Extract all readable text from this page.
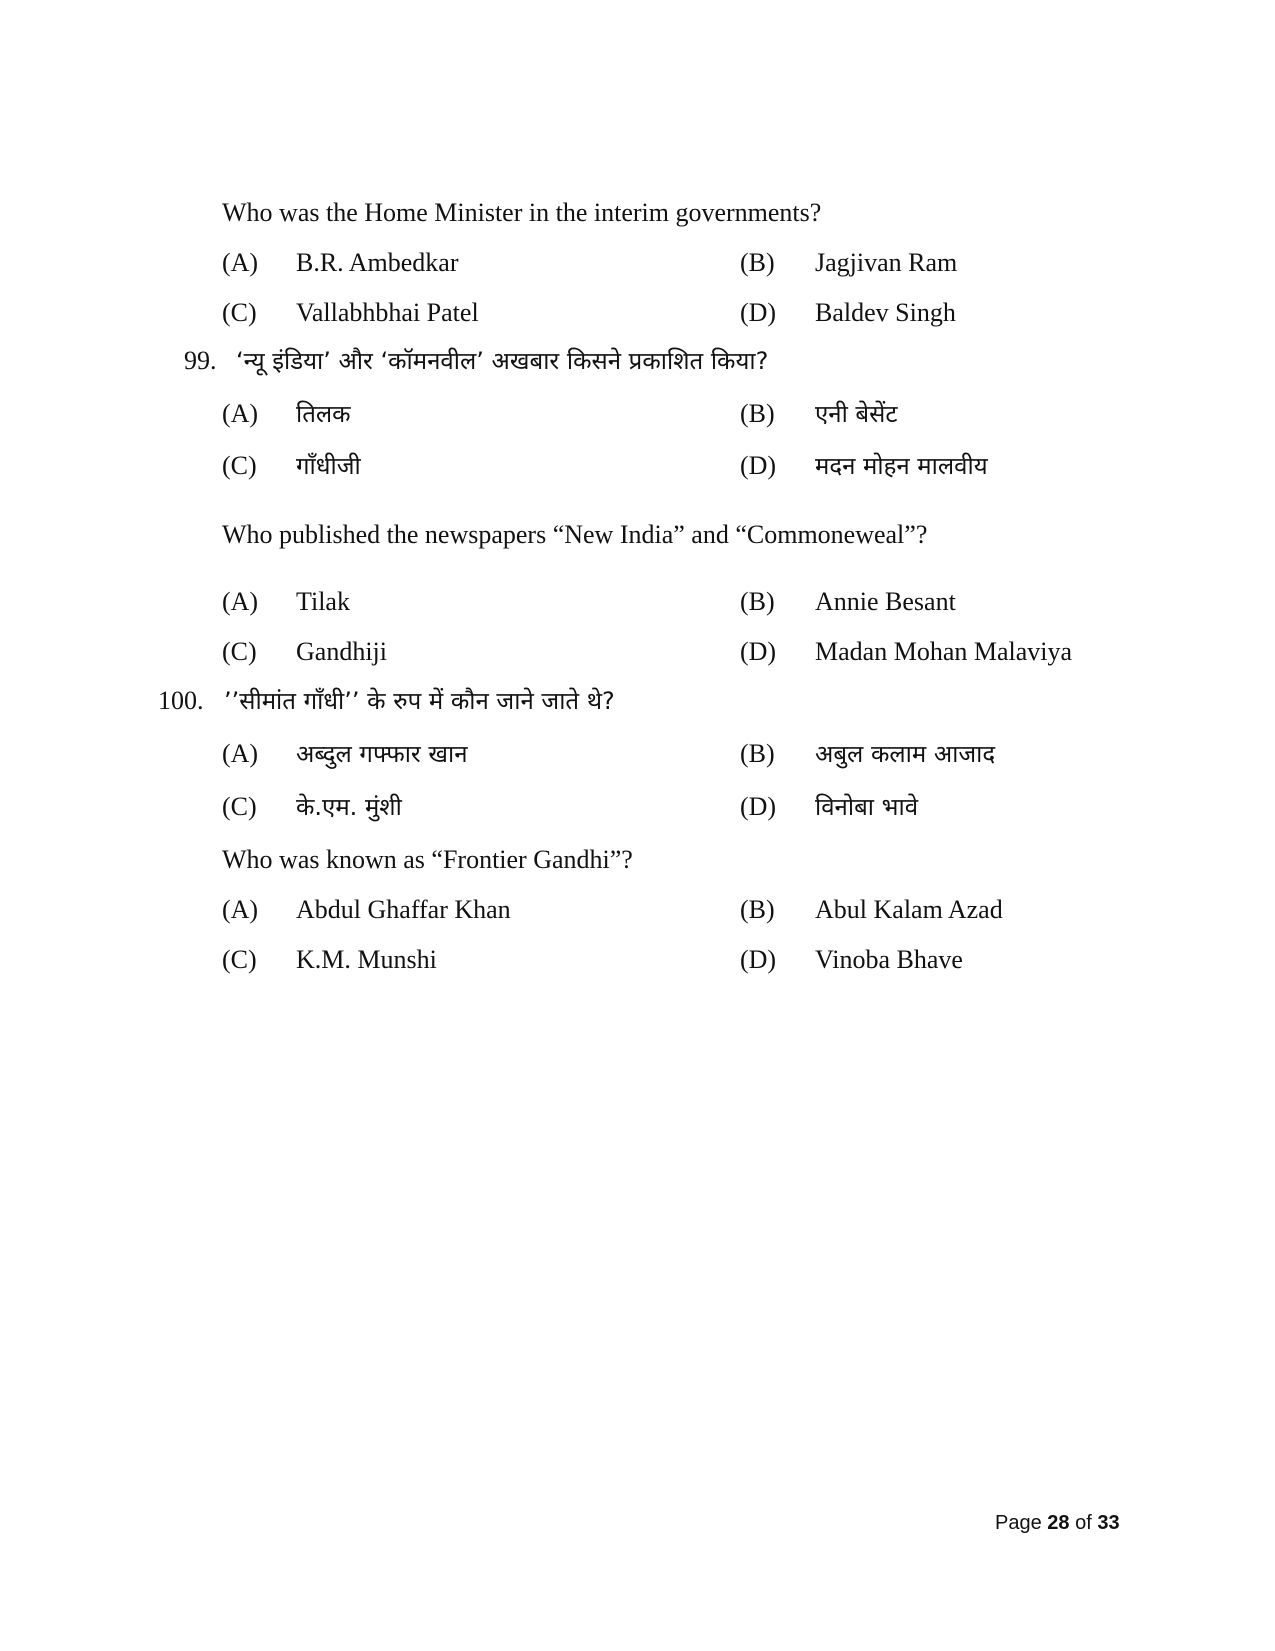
Who was the Home Minister in the interim governments?
(A) B.R. Ambedkar	(B) Jagjivan Ram
(C) Vallabhbhai Patel	(D) Baldev Singh
99. ‘न्यू इंडिया’ और ‘कॉमनवील’ अखबार किसने प्रकाशित किया?
(A) तिलक	(B) एनी बेसेंट
(C) गाँधीजी	(D) मदन मोहन मालवीय
Who published the newspapers “New India” and “Commoneweal”?
(A) Tilak	(B) Annie Besant
(C) Gandhiji	(D) Madan Mohan Malaviya
100. ’’सीमांत गाँधी’’ के रुप में कौन जाने जाते थे?
(A) अब्दुल गफ्फार खान	(B) अबुल कलाम आजाद
(C) के.एम. मुंशी	(D) विनोबा भावे
Who was known as “Frontier Gandhi”?
(A) Abdul Ghaffar Khan	(B) Abul Kalam Azad
(C) K.M. Munshi	(D) Vinoba Bhave
Page 28 of 33
